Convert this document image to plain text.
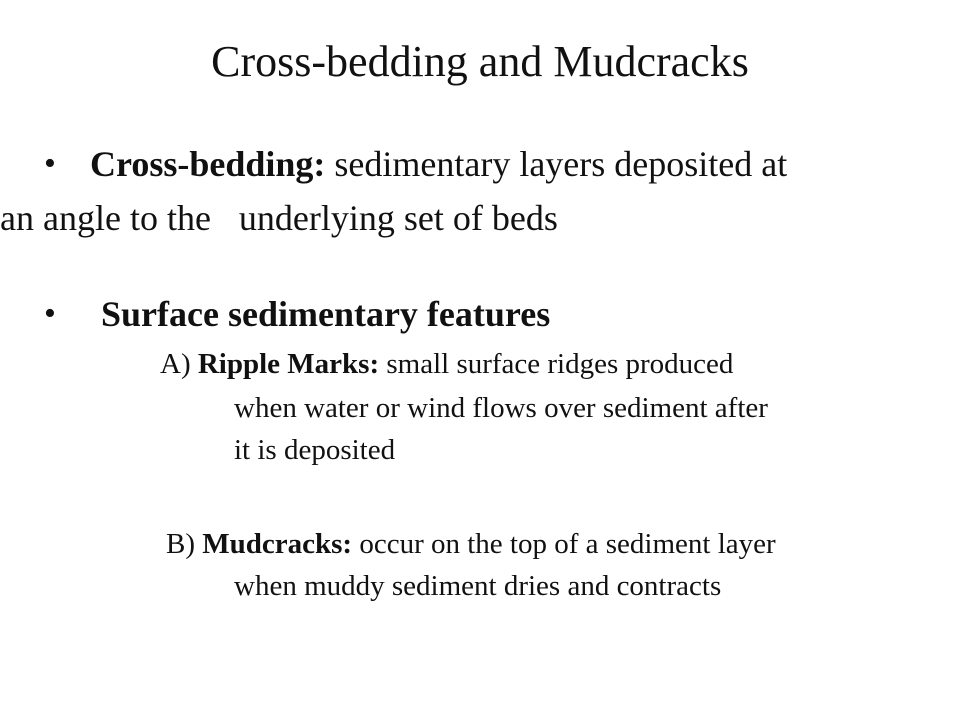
Cross-bedding and Mudcracks
• Cross-bedding: sedimentary layers deposited at

an angle to the underlying set of beds

• Surface sedimentary features

A) Ripple Marks: small surface ridges produced

when water or wind flows over sediment after

it is deposited

B) Mudcracks: occur on the top of a sediment layer

when muddy sediment dries and contracts
